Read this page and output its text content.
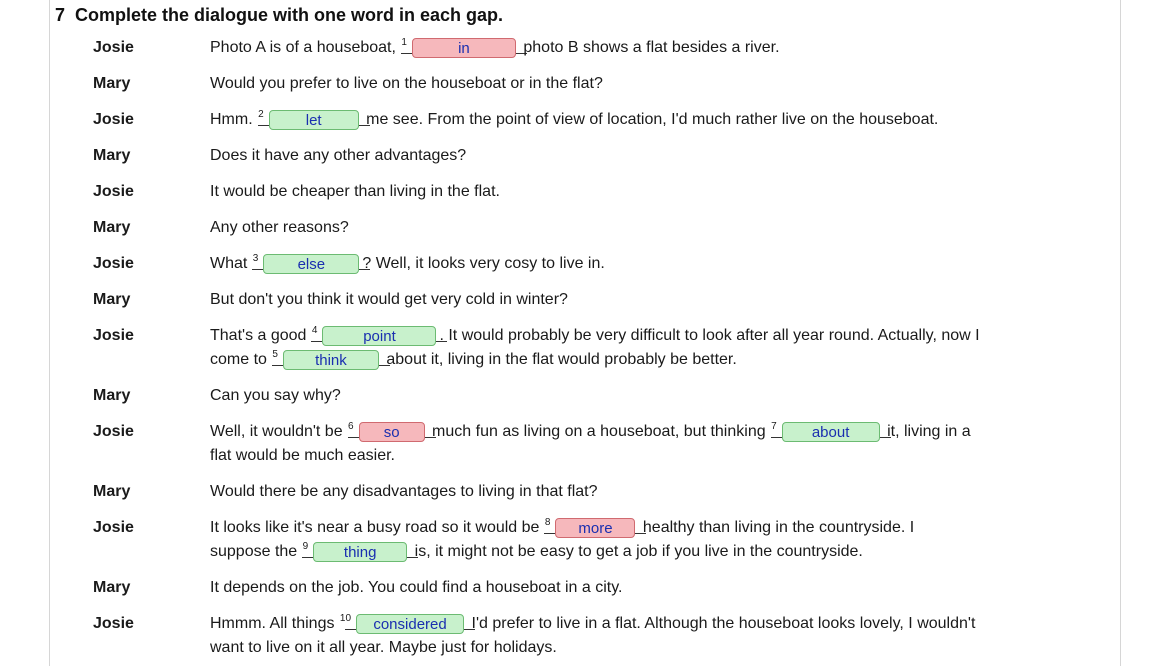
7 Complete the dialogue with one word in each gap.
Josie	Photo A is of a houseboat, $^1$	in	photo B shows a flat besides a river.
Mary	Would you prefer to live on the houseboat or in the flat?
Josie	Hmm. $^2$	let	me see. From the point of view of location, I'd much rather live on the houseboat.
Mary	Does it have any other advantages?
Josie	It would be cheaper than living in the flat.
Mary	Any other reasons?
Josie	What $^3$	else ? Well, it looks very cosy to live in.
Mary	But don't you think it would get very cold in winter?
Josie	That's a good $^4$	point	. It would probably be very difficult to look after all year round. Actually, now I
come to $^5$ think about it, living in the flat would probably be better.
Mary	Can you say why?
Josie	Well, it wouldn't be $^6$ so much fun as living on a houseboat, but thinking $^7$ about it, living in a
flat would be much easier.
Mary	Would there be any disadvantages to living in that flat?
Josie	It looks like it's near a busy road so it would be $^8$ more healthy than living in the countryside. I
suppose the $^9$ thing is, it might not be easy to get a job if you live in the countryside.
Mary	It depends on the job. You could find a houseboat in a city.
Josie	Hmmm. All things $^{10}$ considered I'd prefer to live in a flat. Although the houseboat looks lovely, I wouldn't
want to live on it all year. Maybe just for holidays.
